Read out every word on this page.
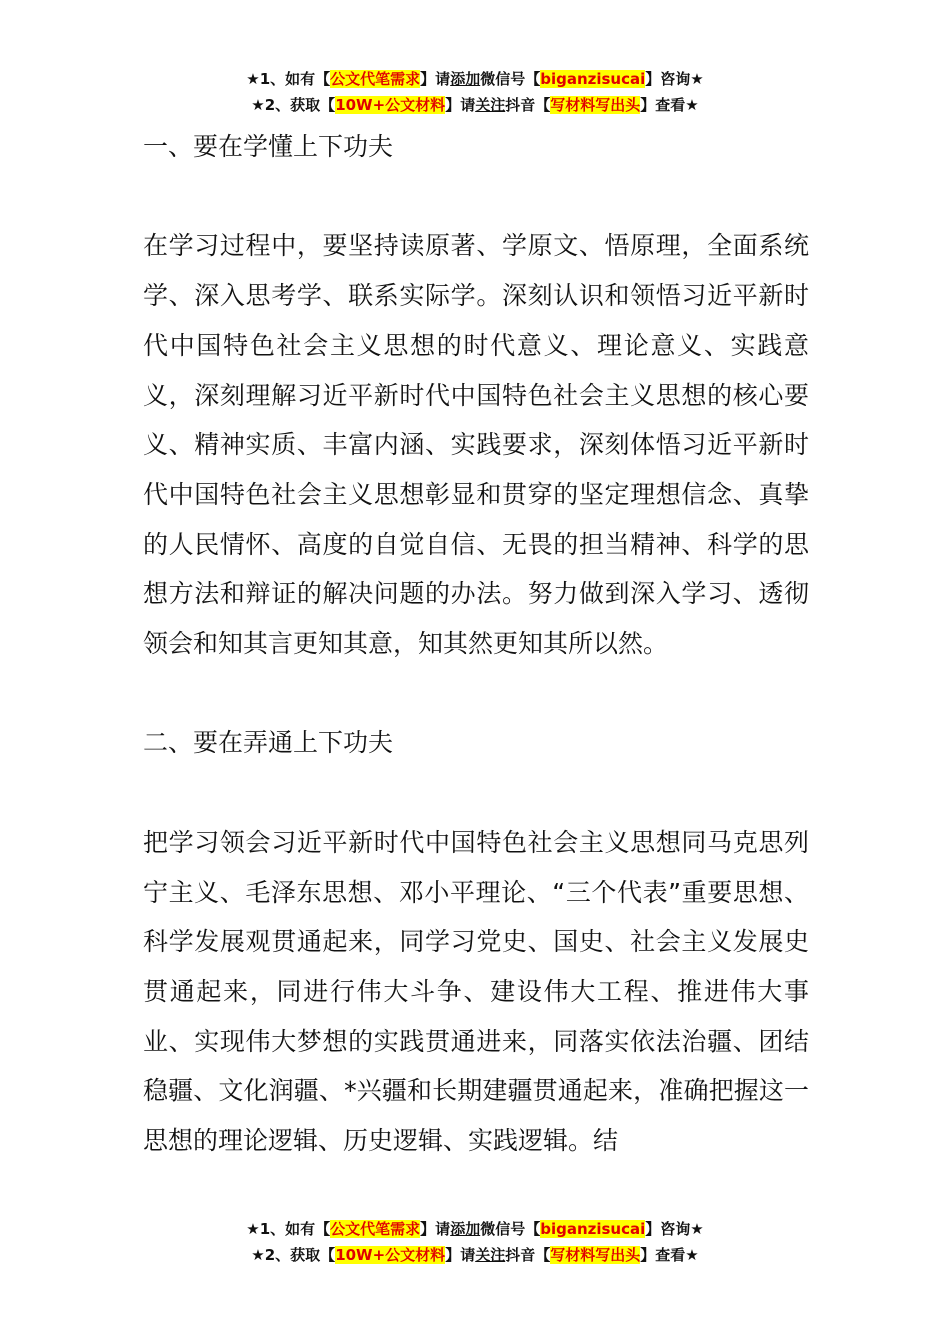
★1、如有【公文代笔需求】请添加微信号【biganzisucai】咨询★
★2、获取【10W+公文材料】请关注抖音【写材料写出头】查看★

一、要在学懂上下功夫

在学习过程中，要坚持读原著、学原文、悟原理，全面系统学、深入思考学、联系实际学。深刻认识和领悟习近平新时代中国特色社会主义思想的时代意义、理论意义、实践意义，深刻理解习近平新时代中国特色社会主义思想的核心要义、精神实质、丰富内涵、实践要求，深刻体悟习近平新时代中国特色社会主义思想彰显和贯穿的坚定理想信念、真挚的人民情怀、高度的自觉自信、无畏的担当精神、科学的思想方法和辩证的解决问题的办法。努力做到深入学习、透彻领会和知其言更知其意，知其然更知其所以然。

二、要在弄通上下功夫

把学习领会习近平新时代中国特色社会主义思想同马克思列宁主义、毛泽东思想、邓小平理论、“三个代表”重要思想、科学发展观贯通起来，同学习党史、国史、社会主义发展史贯通起来，同进行伟大斗争、建设伟大工程、推进伟大事业、实现伟大梦想的实践贯通进来，同落实依法治疆、团结稳疆、文化润疆、*兴疆和长期建疆贯通起来，准确把握这一思想的理论逻辑、历史逻辑、实践逻辑。结

★1、如有【公文代笔需求】请添加微信号【biganzisucai】咨询★
★2、获取【10W+公文材料】请关注抖音【写材料写出头】查看★
